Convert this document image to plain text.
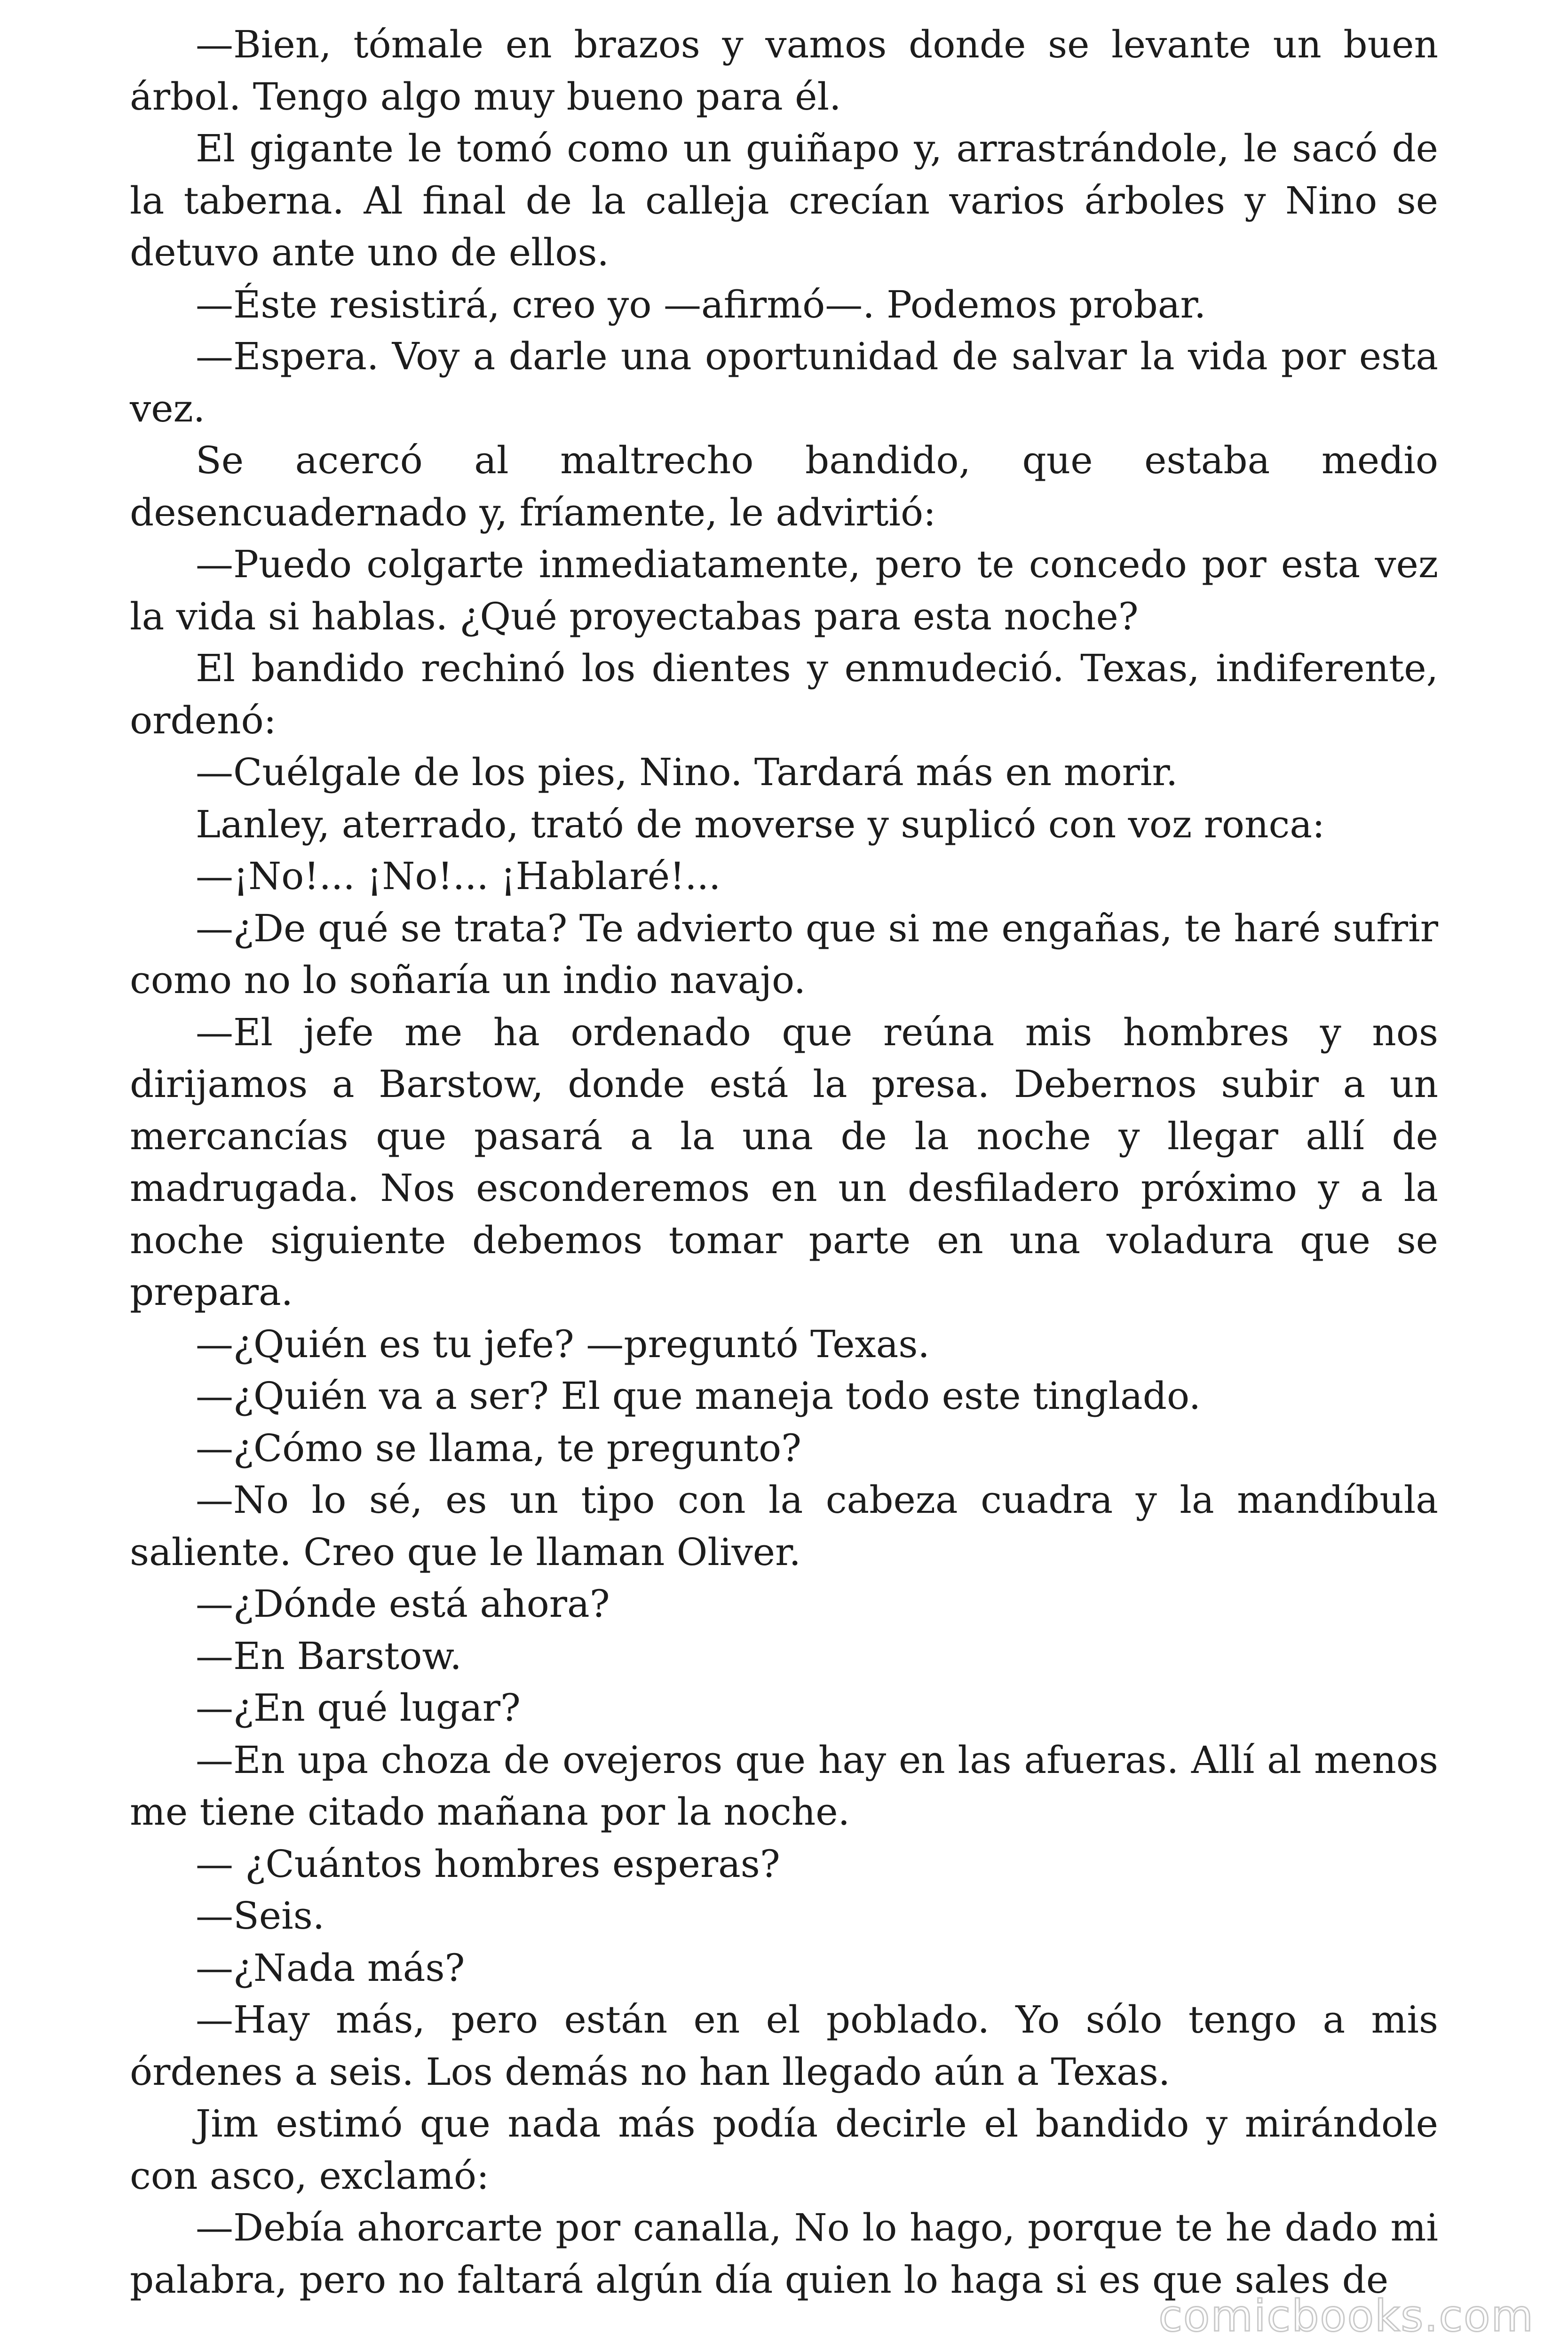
—Bien, tómale en brazos y vamos donde se levante un buen árbol. Tengo algo muy bueno para él.

El gigante le tomó como un guiñapo y, arrastrándole, le sacó de la taberna. Al final de la calleja crecían varios árboles y Nino se detuvo ante uno de ellos.

—Éste resistirá, creo yo —afirmó—. Podemos probar.

—Espera. Voy a darle una oportunidad de salvar la vida por esta vez.

Se acercó al maltrecho bandido, que estaba medio desencuadernado y, fríamente, le advirtió:

—Puedo colgarte inmediatamente, pero te concedo por esta vez la vida si hablas. ¿Qué proyectabas para esta noche?

El bandido rechinó los dientes y enmudeció. Texas, indiferente, ordenó:

—Cuélgale de los pies, Nino. Tardará más en morir.

Lanley, aterrado, trató de moverse y suplicó con voz ronca:

—¡No!... ¡No!... ¡Hablaré!...

—¿De qué se trata? Te advierto que si me engañas, te haré sufrir como no lo soñaría un indio navajo.

—El jefe me ha ordenado que reúna mis hombres y nos dirijamos a Barstow, donde está la presa. Debernos subir a un mercancías que pasará a la una de la noche y llegar allí de madrugada. Nos esconderemos en un desfiladero próximo y a la noche siguiente debemos tomar parte en una voladura que se prepara.

—¿Quién es tu jefe? —preguntó Texas.

—¿Quién va a ser? El que maneja todo este tinglado.

—¿Cómo se llama, te pregunto?

—No lo sé, es un tipo con la cabeza cuadra y la mandíbula saliente. Creo que le llaman Oliver.

—¿Dónde está ahora?

—En Barstow.

—¿En qué lugar?

—En upa choza de ovejeros que hay en las afueras. Allí al menos me tiene citado mañana por la noche.

— ¿Cuántos hombres esperas?

—Seis.

—¿Nada más?

—Hay más, pero están en el poblado. Yo sólo tengo a mis órdenes a seis. Los demás no han llegado aún a Texas.

Jim estimó que nada más podía decirle el bandido y mirándole con asco, exclamó:

—Debía ahorcarte por canalla, No lo hago, porque te he dado mi palabra, pero no faltará algún día quien lo haga si es que sales de

comicbooks.com
